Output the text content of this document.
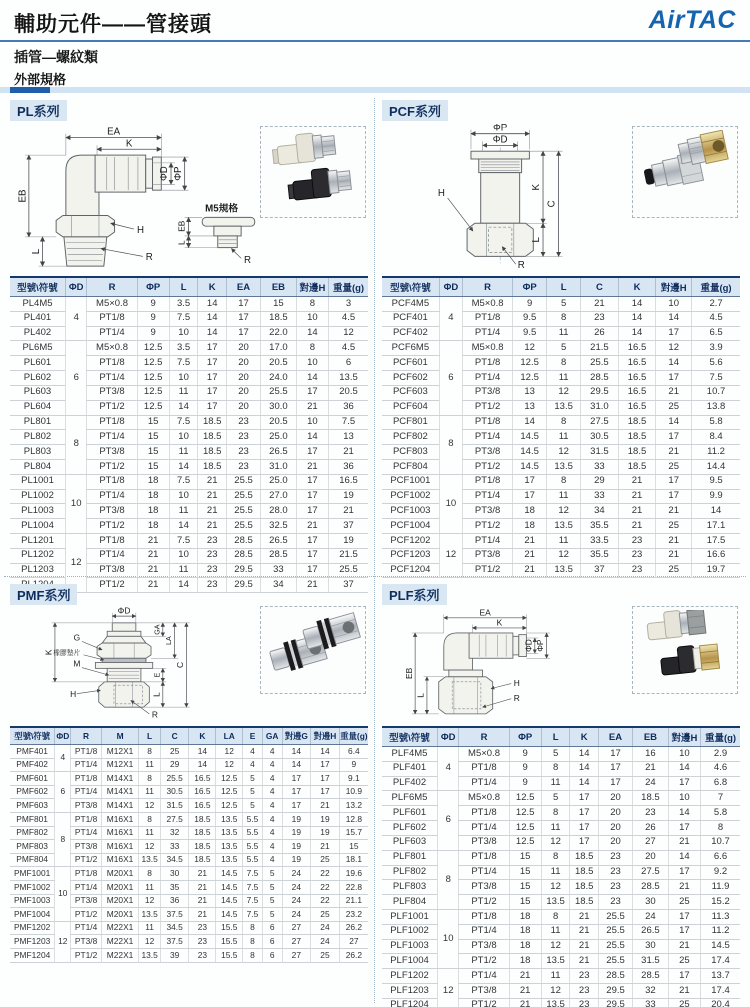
輔助元件——管接頭	AirTAC
插管—螺紋類
外部規格
PL系列
EA
K
ΦD ΦP
EB
L
H
R
M5規格
EB
L
R
型號\符號	ΦD	R	ΦP	L	K	EA	EB	對邊H	重量(g)
PL4M5	4	M5×0.8	9	3.5	14	17	15	8	3
PL401		PT1/8	9	7.5	14	17	18.5	10	4.5
PL402		PT1/4	9	10	14	17	22.0	14	12
PL6M5	6	M5×0.8	12.5	3.5	17	20	17.0	8	4.5
PL601		PT1/8	12.5	7.5	17	20	20.5	10	6
PL602		PT1/4	12.5	10	17	20	24.0	14	13.5
PL603		PT3/8	12.5	11	17	20	25.5	17	20.5
PL604		PT1/2	12.5	14	17	20	30.0	21	36
PL801	8	PT1/8	15	7.5	18.5	23	20.5	10	7.5
PL802		PT1/4	15	10	18.5	23	25.0	14	13
PL803		PT3/8	15	11	18.5	23	26.5	17	21
PL804		PT1/2	15	14	18.5	23	31.0	21	36
PL1001	10	PT1/8	18	7.5	21	25.5	25.0	17	16.5
PL1002		PT1/4	18	10	21	25.5	27.0	17	19
PL1003		PT3/8	18	11	21	25.5	28.0	17	21
PL1004		PT1/2	18	14	21	25.5	32.5	21	37
PL1201	12	PT1/8	21	7.5	23	28.5	26.5	17	19
PL1202		PT1/4	21	10	23	28.5	28.5	17	21.5
PL1203		PT3/8	21	11	23	29.5	33	17	25.5
	PT1/2	21	14	23	29.5	34	21	37
PCF系列
ΦP
ΦD
K
L
C
H
R
型號\符號	ΦD	R	ΦP	L	C	K	對邊H	重量(g)
PCF4M5	4	M5×0.8	9	5	21	14	10	2.7
PCF401		PT1/8	9.5	8	23	14	14	4.5
PCF402		PT1/4	9.5	11	26	14	17	6.5
PCF6M5	6	M5×0.8	12	5	21.5	16.5	12	3.9
PCF601		PT1/8	12.5	8	25.5	16.5	14	5.6
PCF602		PT1/4	12.5	11	28.5	16.5	17	7.5
PCF603		PT3/8	13	12	29.5	16.5	21	10.7
PCF604		PT1/2	13	13.5	31.0	16.5	25	13.8
PCF801	8	PT1/8	14	8	27.5	18.5	14	5.8
PCF802		PT1/4	14.5	11	30.5	18.5	17	8.4
PCF803		PT3/8	14.5	12	31.5	18.5	21	11.2
PCF804		PT1/2	14.5	13.5	33	18.5	25	14.4
PCF1001	10	PT1/8	17	8	29	21	17	9.5
PCF1002		PT1/4	17	11	33	21	17	9.9
PCF1003		PT3/8	18	12	34	21	21	14
PCF1004		PT1/2	18	13.5	35.5	21	25	17.1
PCF1202	12	PT1/4	21	11	33.5	23	21	17.5
PCF1203		PT3/8	21	12	35.5	23	21	16.6
PCF1204		PT1/2	21	13.5	37	23	25	19.7
PMF系列
ΦD
K
G
橡膠墊片
M
GA
LA
C
E
L
H
R
型號\符號	ΦD	R	M	L	C	K	LA	E	GA	對邊G	對邊H	重量(g)
PMF401	4	PT1/8	M12X1	8	25	14	12	4	4	14	14	6.4
PMF402		PT1/4	M12X1	11	29	14	12	4	4	14	17	9
PMF601	6	PT1/8	M14X1	8	25.5	16.5	12.5	5	4	17	17	9.1
PMF602		PT1/4	M14X1	11	30.5	16.5	12.5	5	4	17	17	10.9
PMF603		PT3/8	M14X1	12	31.5	16.5	12.5	5	4	17	21	13.2
PMF801	8	PT1/8	M16X1	8	27.5	18.5	13.5	5.5	4	19	19	12.8
PMF802		PT1/4	M16X1	11	32	18.5	13.5	5.5	4	19	19	15.7
PMF803		PT3/8	M16X1	12	33	18.5	13.5	5.5	4	19	21	15
PMF804		PT1/2	M16X1	13.5	34.5	18.5	13.5	5.5	4	19	25	18.1
PMF1001	10	PT1/8	M20X1	8	30	21	14.5	7.5	5	24	22	19.6
PMF1002		PT1/4	M20X1	11	35	21	14.5	7.5	5	24	22	22.8
PMF1003		PT3/8	M20X1	12	36	21	14.5	7.5	5	24	22	21.1
PMF1004		PT1/2	M20X1	13.5	37.5	21	14.5	7.5	5	24	25	23.2
PMF1202	12	PT1/4	M22X1	11	34.5	23	15.5	8	6	27	24	26.2
PMF1203		PT3/8	M22X1	12	37.5	23	15.5	8	6	27	24	27
PMF1204		PT1/2	M22X1	13.5	39	23	15.5	8	6	27	25	26.2
PLF系列
EA
K
ΦD ΦP
EB
L
H
R
型號\符號	ΦD	R	ΦP	L	K	EA	EB	對邊H	重量(g)
PLF4M5	4	M5×0.8	9	5	14	17	16	10	2.9
PLF401		PT1/8	9	8	14	17	21	14	4.6
PLF402		PT1/4	9	11	14	17	24	17	6.8
PLF6M5	6	M5×0.8	12.5	5	17	20	18.5	10	7
PLF601		PT1/8	12.5	8	17	20	23	14	5.8
PLF602		PT1/4	12.5	11	17	20	26	17	8
PLF603		PT3/8	12.5	12	17	20	27	21	10.7
PLF801	8	PT1/8	15	8	18.5	23	20	14	6.6
PLF802		PT1/4	15	11	18.5	23	27.5	17	9.2
PLF803		PT3/8	15	12	18.5	23	28.5	21	11.9
PLF804		PT1/2	15	13.5	18.5	23	30	25	15.2
PLF1001	10	PT1/8	18	8	21	25.5	24	17	11.3
PLF1002		PT1/4	18	11	21	25.5	26.5	17	11.2
PLF1003		PT3/8	18	12	21	25.5	30	21	14.5
PLF1004		PT1/2	18	13.5	21	25.5	31.5	25	17.4
PLF1202	12	PT1/4	21	11	23	28.5	28.5	17	13.7
PLF1203		PT3/8	21	12	23	29.5	32	21	17.4
PLF1204		PT1/2	21	13.5	23	29.5	33	25	20.4
